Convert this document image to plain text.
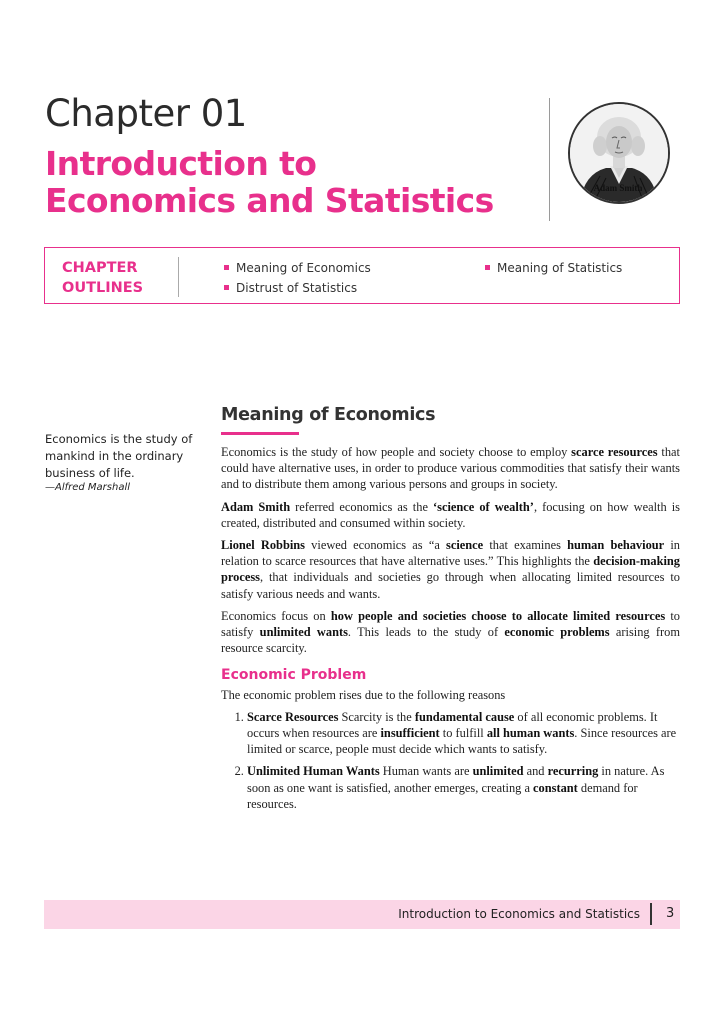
Chapter 01
Introduction to
Economics and Statistics	Adam Smith
CHAPTER
OUTLINES
Meaning of Economics	Meaning of Statistics
Distrust of Statistics
Economics is the study of mankind in the ordinary business of life.
—Alfred Marshall
Meaning of Economics

Economics is the study of how people and society choose to employ scarce resources that could have alternative uses, in order to produce various commodities that satisfy their wants and to distribute them among various persons and groups in society.

Adam Smith referred economics as the ‘science of wealth’, focusing on how wealth is created, distributed and consumed within society.

Lionel Robbins viewed economics as “a science that examines human behaviour in relation to scarce resources that have alternative uses.” This highlights the decision-making process, that individuals and societies go through when allocating limited resources to satisfy various needs and wants.

Economics focus on how people and societies choose to allocate limited resources to satisfy unlimited wants. This leads to the study of economic problems arising from resource scarcity.

Economic Problem

The economic problem rises due to the following reasons

1. Scarce Resources Scarcity is the fundamental cause of all economic problems. It occurs when resources are insufficient to fulfill all human wants. Since resources are limited or scarce, people must decide which wants to satisfy.
2. Unlimited Human Wants Human wants are unlimited and recurring in nature. As soon as one want is satisfied, another emerges, creating a constant demand for resources.
Introduction to Economics and Statistics 3
